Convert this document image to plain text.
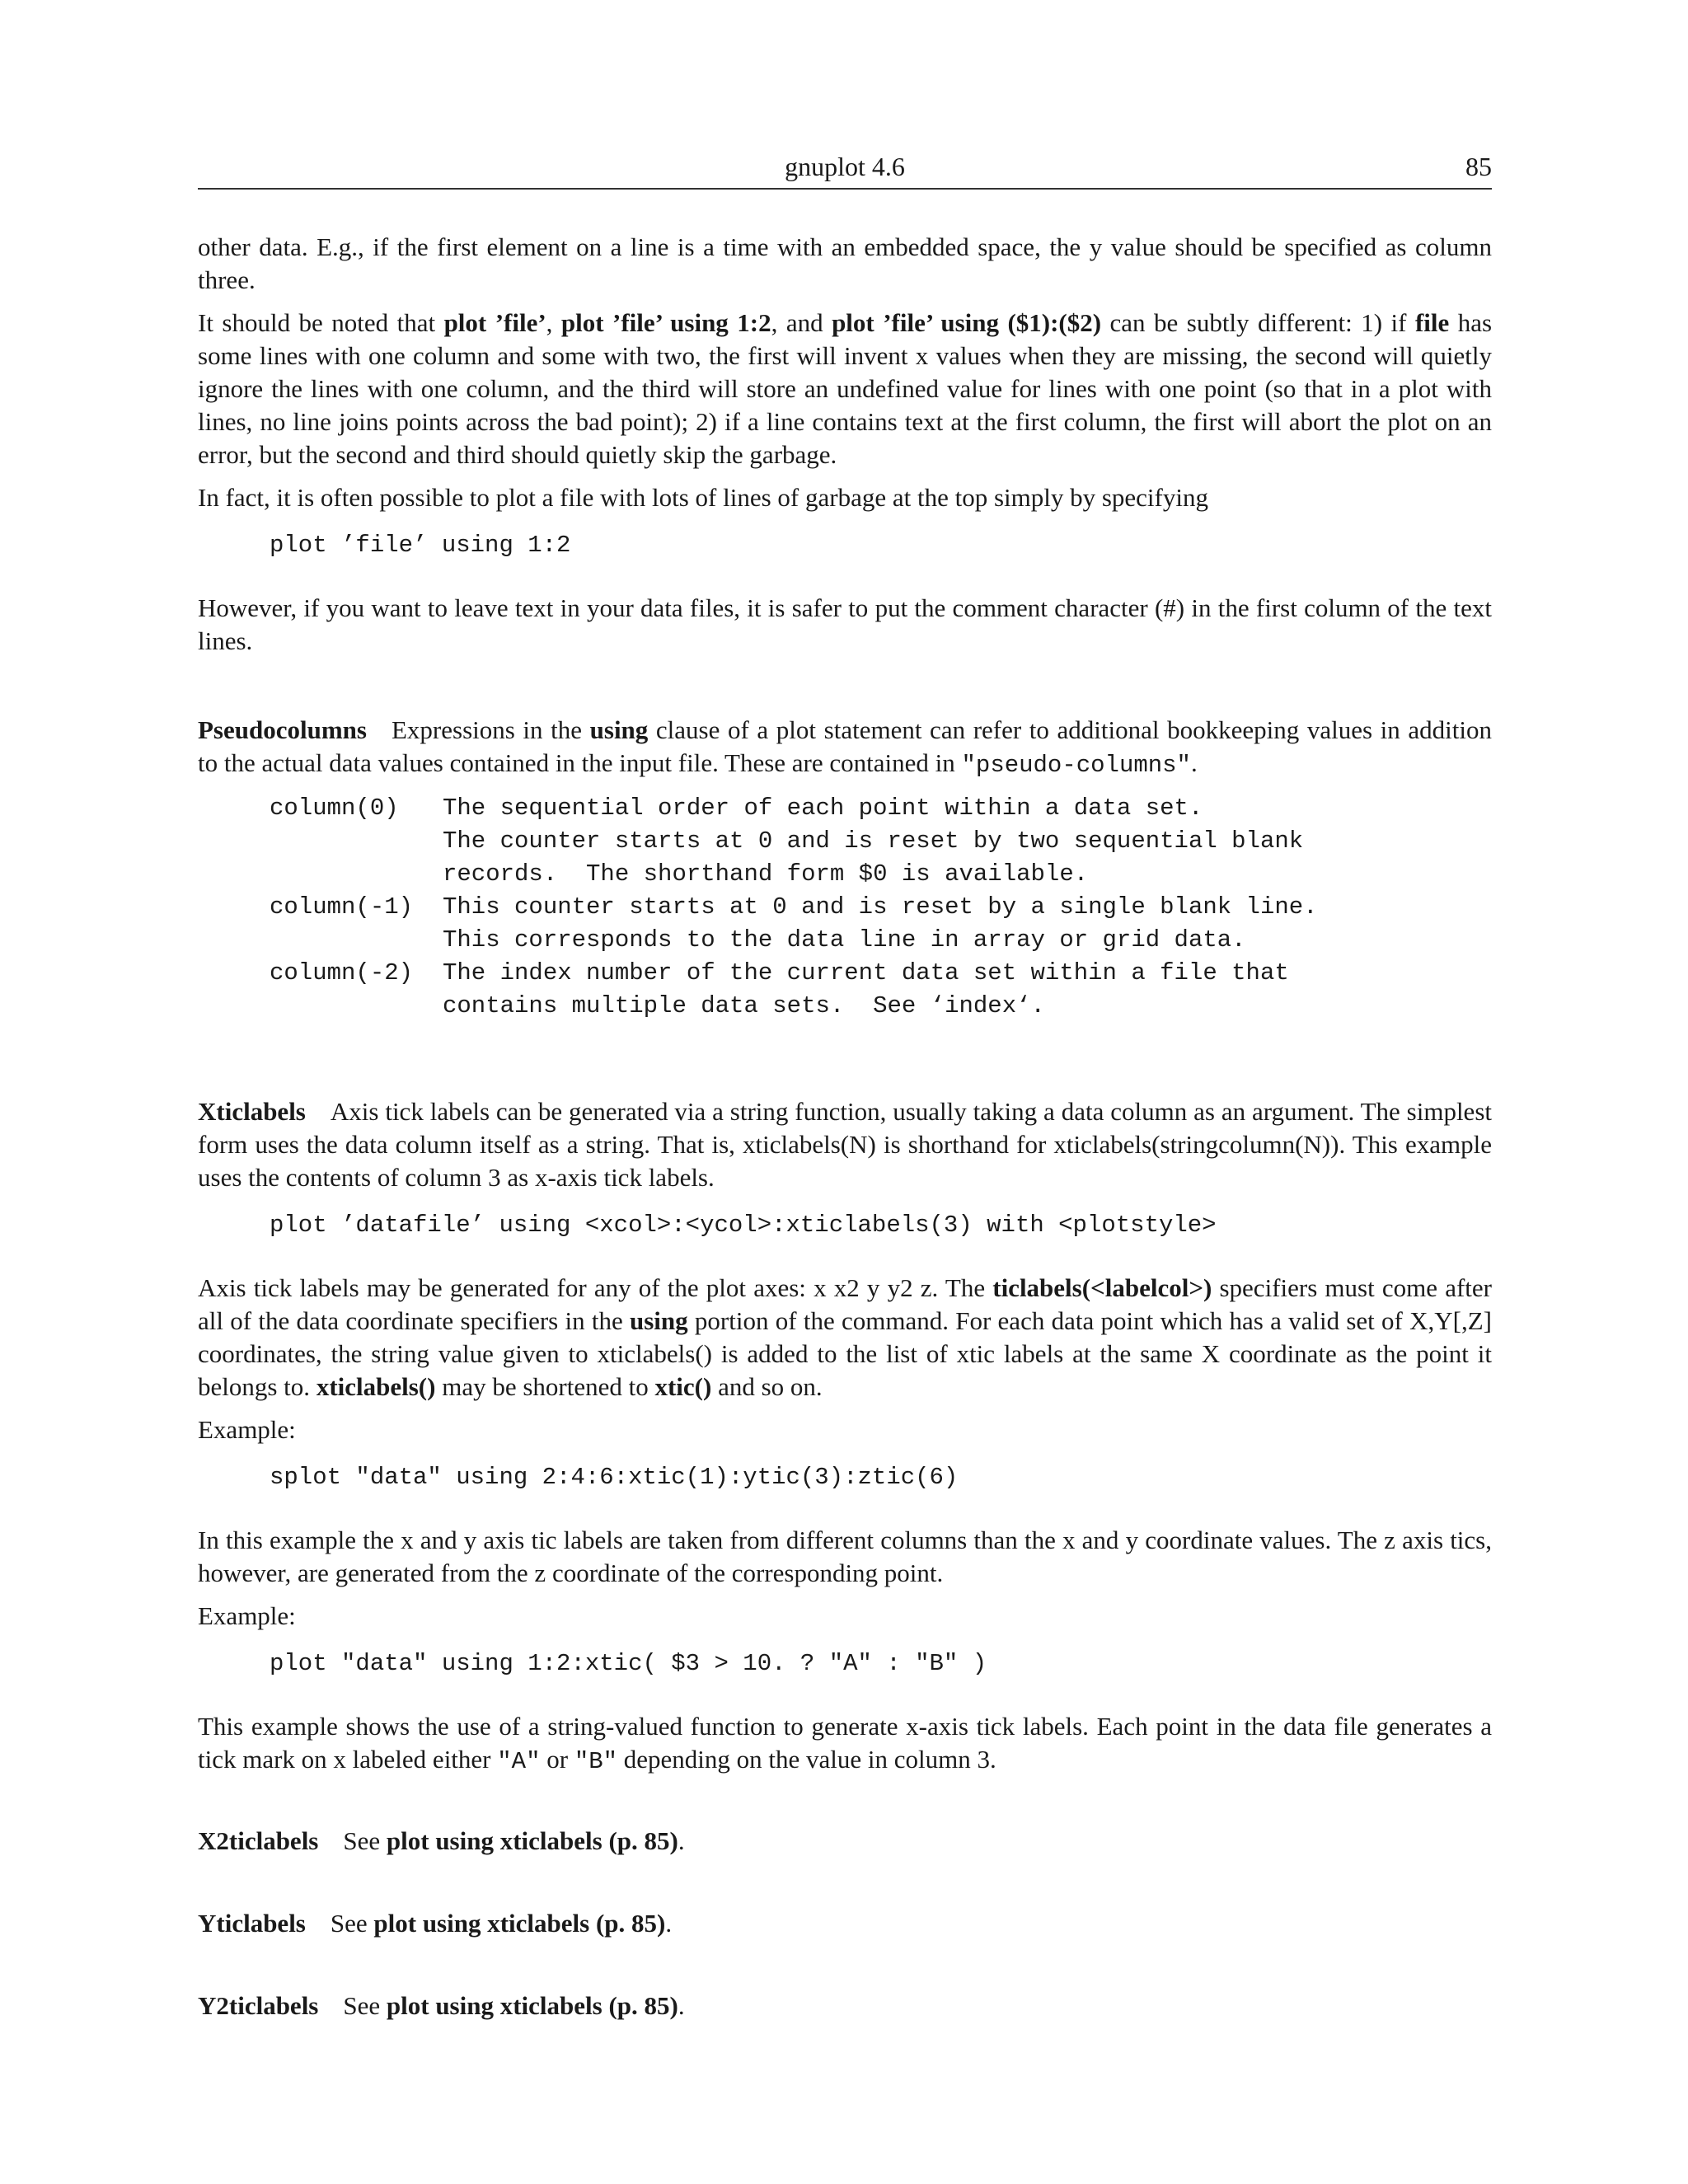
gnuplot 4.6	85

other data. E.g., if the first element on a line is a time with an embedded space, the y value should be specified as column three.

It should be noted that plot ’file’, plot ’file’ using 1:2, and plot ’file’ using ($1):($2) can be subtly different: 1) if file has some lines with one column and some with two, the first will invent x values when they are missing, the second will quietly ignore the lines with one column, and the third will store an undefined value for lines with one point (so that in a plot with lines, no line joins points across the bad point); 2) if a line contains text at the first column, the first will abort the plot on an error, but the second and third should quietly skip the garbage.

In fact, it is often possible to plot a file with lots of lines of garbage at the top simply by specifying

plot ’file’ using 1:2

However, if you want to leave text in your data files, it is safer to put the comment character (#) in the first column of the text lines.

Pseudocolumns Expressions in the using clause of a plot statement can refer to additional bookkeeping values in addition to the actual data values contained in the input file. These are contained in "pseudo-columns".

column(0)	The sequential order of each point within a data set.
The counter starts at 0 and is reset by two sequential blank
records.  The shorthand form $0 is available.
column(-1)	This counter starts at 0 and is reset by a single blank line.
This corresponds to the data line in array or grid data.
column(-2)	The index number of the current data set within a file that
contains multiple data sets.  See ‘index‘.

Xticlabels Axis tick labels can be generated via a string function, usually taking a data column as an argument. The simplest form uses the data column itself as a string. That is, xticlabels(N) is shorthand for xticlabels(stringcolumn(N)). This example uses the contents of column 3 as x-axis tick labels.

plot ’datafile’ using <xcol>:<ycol>:xticlabels(3) with <plotstyle>

Axis tick labels may be generated for any of the plot axes: x x2 y y2 z. The ticlabels(<labelcol>) specifiers must come after all of the data coordinate specifiers in the using portion of the command. For each data point which has a valid set of X,Y[,Z] coordinates, the string value given to xticlabels() is added to the list of xtic labels at the same X coordinate as the point it belongs to. xticlabels() may be shortened to xtic() and so on.

Example:

splot "data" using 2:4:6:xtic(1):ytic(3):ztic(6)

In this example the x and y axis tic labels are taken from different columns than the x and y coordinate values. The z axis tics, however, are generated from the z coordinate of the corresponding point.

Example:

plot "data" using 1:2:xtic( $3 > 10. ? "A" : "B" )

This example shows the use of a string-valued function to generate x-axis tick labels. Each point in the data file generates a tick mark on x labeled either "A" or "B" depending on the value in column 3.

X2ticlabels See plot using xticlabels (p. 85).
Yticlabels See plot using xticlabels (p. 85).
Y2ticlabels See plot using xticlabels (p. 85).
